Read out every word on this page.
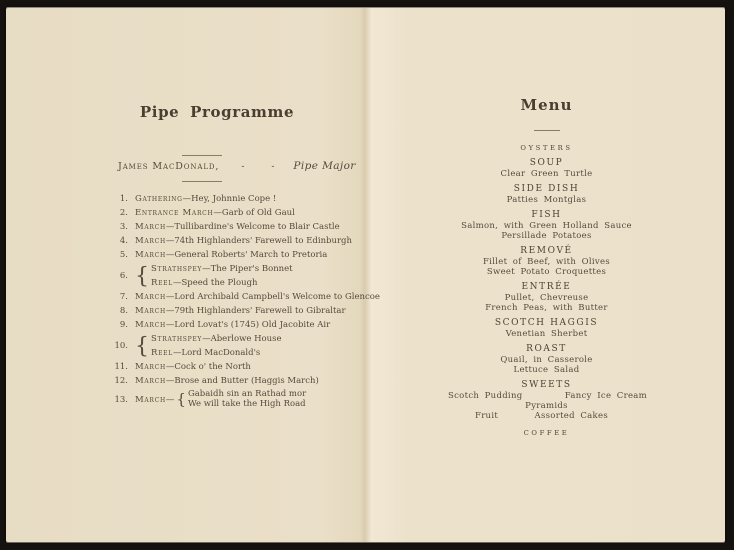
Pipe Programme
James MacDonald, -	- Pipe Major
1. Gathering—Hey, Johnnie Cope !
2. Entrance March—Garb of Old Gaul
3. March—Tullibardine's Welcome to Blair Castle
4. March—74th Highlanders' Farewell to Edinburgh
5. March—General Roberts' March to Pretoria
6. { Strathspey—The Piper's Bonnet
Reel—Speed the Plough
7. March—Lord Archibald Campbell's Welcome to Glencoe
8. March—79th Highlanders' Farewell to Gibraltar
9. March—Lord Lovat's (1745) Old Jacobite Air
10. { Strathspey—Aberlowe House
Reel—Lord MacDonald's
11. March—Cock o' the North
12. March—Brose and Butter (Haggis March)
13. March— { Gabaidh sin an Rathad mor
We will take the High Road
Menu
OYSTERS
SOUP
Clear Green Turtle
SIDE DISH
Patties Montglas
FISH
Salmon, with Green Holland Sauce
Persillade Potatoes
REMOVÉ
Fillet of Beef, with Olives
Sweet Potato Croquettes
ENTRÉE
Pullet, Chevreuse
French Peas, with Butter
SCOTCH HAGGIS
Venetian Sherbet
ROAST
Quail, in Casserole
Lettuce Salad
SWEETS
Scotch Pudding	Fancy Ice Cream
Pyramids
Fruit	Assorted Cakes
COFFEE
